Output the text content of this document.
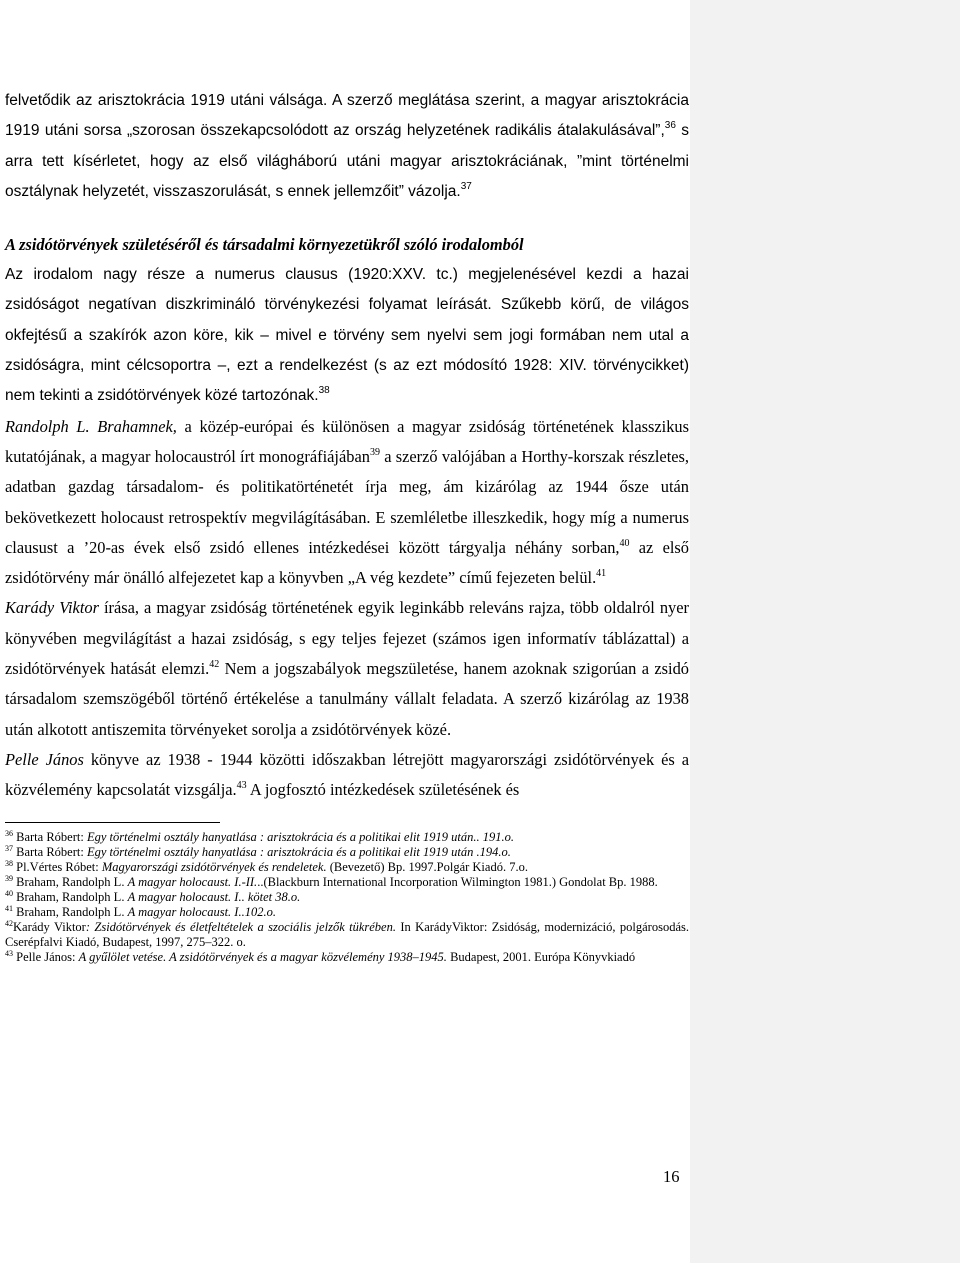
felvetődik az arisztokrácia 1919 utáni válsága. A szerző meglátása szerint, a magyar arisztokrácia 1919 utáni sorsa „szorosan összekapcsolódott az ország helyzetének radikális átalakulásával”,$^{36}$ s arra tett kísérletet, hogy az első világháború utáni magyar arisztokráciának, ”mint történelmi osztálynak helyzetét, visszaszorulását, s ennek jellemzőit” vázolja.$^{37}$

A zsidótörvények születéséről és társadalmi környezetükről szóló irodalomból

Az irodalom nagy része a numerus clausus (1920:XXV. tc.) megjelenésével kezdi a hazai zsidóságot negatívan diszkrimináló törvénykezési folyamat leírását. Szűkebb körű, de világos okfejtésű a szakírók azon köre, kik – mivel e törvény sem nyelvi sem jogi formában nem utal a zsidóságra, mint célcsoportra –, ezt a rendelkezést (s az ezt módosító 1928: XIV. törvénycikket) nem tekinti a zsidótörvények közé tartozónak.$^{38}$

Randolph L. Brahamnek, a közép-európai és különösen a magyar zsidóság történetének klasszikus kutatójának, a magyar holocaustról írt monográfiájában$^{39}$ a szerző valójában a Horthy-korszak részletes, adatban gazdag társadalom- és politikatörténetét írja meg, ám kizárólag az 1944 ősze után bekövetkezett holocaust retrospektív megvilágításában. E szemléletbe illeszkedik, hogy míg a numerus clausust a ’20-as évek első zsidó ellenes intézkedései között tárgyalja néhány sorban,$^{40}$ az első zsidótörvény már önálló alfejezetet kap a könyvben „A vég kezdete” című fejezeten belül.$^{41}$

Karády Viktor írása, a magyar zsidóság történetének egyik leginkább releváns rajza, több oldalról nyer könyvében megvilágítást a hazai zsidóság, s egy teljes fejezet (számos igen informatív táblázattal) a zsidótörvények hatását elemzi.$^{42}$ Nem a jogszabályok megszületése, hanem azoknak szigorúan a zsidó társadalom szemszögéből történő értékelése a tanulmány vállalt feladata. A szerző kizárólag az 1938 után alkotott antiszemita törvényeket sorolja a zsidótörvények közé.

Pelle János könyve az 1938 - 1944 közötti időszakban létrejött magyarországi zsidótörvények és a közvélemény kapcsolatát vizsgálja.$^{43}$ A jogfosztó intézkedések születésének és

$^{36}$ Barta Róbert: Egy történelmi osztály hanyatlása : arisztokrácia és a politikai elit 1919 után.. 191.o.

$^{37}$ Barta Róbert: Egy történelmi osztály hanyatlása : arisztokrácia és a politikai elit 1919 után .194.o.

$^{38}$ Pl.Vértes Róbet: Magyarországi zsidótörvények és rendeletek. (Bevezető) Bp. 1997.Polgár Kiadó. 7.o.

$^{39}$ Braham, Randolph L. A magyar holocaust. I.-II...(Blackburn International Incorporation Wilmington 1981.) Gondolat Bp. 1988.

$^{40}$ Braham, Randolph L. A magyar holocaust. I.. kötet 38.o.

$^{41}$ Braham, Randolph L. A magyar holocaust. I..102.o.

$^{42}$Karády Viktor: Zsidótörvények és életfeltételek a szociális jelzők tükrében. In KarádyViktor: Zsidóság, modernizáció, polgárosodás. Cserépfalvi Kiadó, Budapest, 1997, 275–322. o.

$^{43}$ Pelle János: A gyűlölet vetése. A zsidótörvények és a magyar közvélemény 1938–1945. Budapest, 2001. Európa Könyvkiadó

16
